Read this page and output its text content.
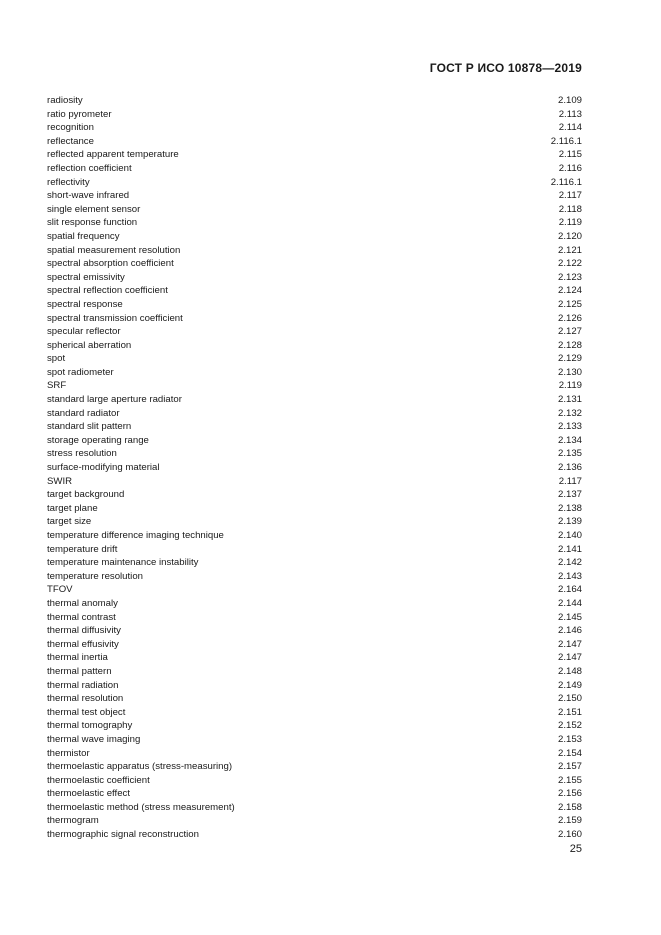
ГОСТ Р ИСО 10878—2019
radiosity	2.109
ratio pyrometer	2.113
recognition	2.114
reflectance	2.116.1
reflected apparent temperature	2.115
reflection coefficient	2.116
reflectivity	2.116.1
short-wave infrared	2.117
single element sensor	2.118
slit response function	2.119
spatial frequency	2.120
spatial measurement resolution	2.121
spectral absorption coefficient	2.122
spectral emissivity	2.123
spectral reflection coefficient	2.124
spectral response	2.125
spectral transmission coefficient	2.126
specular reflector	2.127
spherical aberration	2.128
spot	2.129
spot radiometer	2.130
SRF	2.119
standard large aperture radiator	2.131
standard radiator	2.132
standard slit pattern	2.133
storage operating range	2.134
stress resolution	2.135
surface-modifying material	2.136
SWIR	2.117
target background	2.137
target plane	2.138
target size	2.139
temperature difference imaging technique	2.140
temperature drift	2.141
temperature maintenance instability	2.142
temperature resolution	2.143
TFOV	2.164
thermal anomaly	2.144
thermal contrast	2.145
thermal diffusivity	2.146
thermal effusivity	2.147
thermal inertia	2.147
thermal pattern	2.148
thermal radiation	2.149
thermal resolution	2.150
thermal test object	2.151
thermal tomography	2.152
thermal wave imaging	2.153
thermistor	2.154
thermoelastic apparatus (stress-measuring)	2.157
thermoelastic coefficient	2.155
thermoelastic effect	2.156
thermoelastic method (stress measurement)	2.158
thermogram	2.159
thermographic signal reconstruction	2.160
25
